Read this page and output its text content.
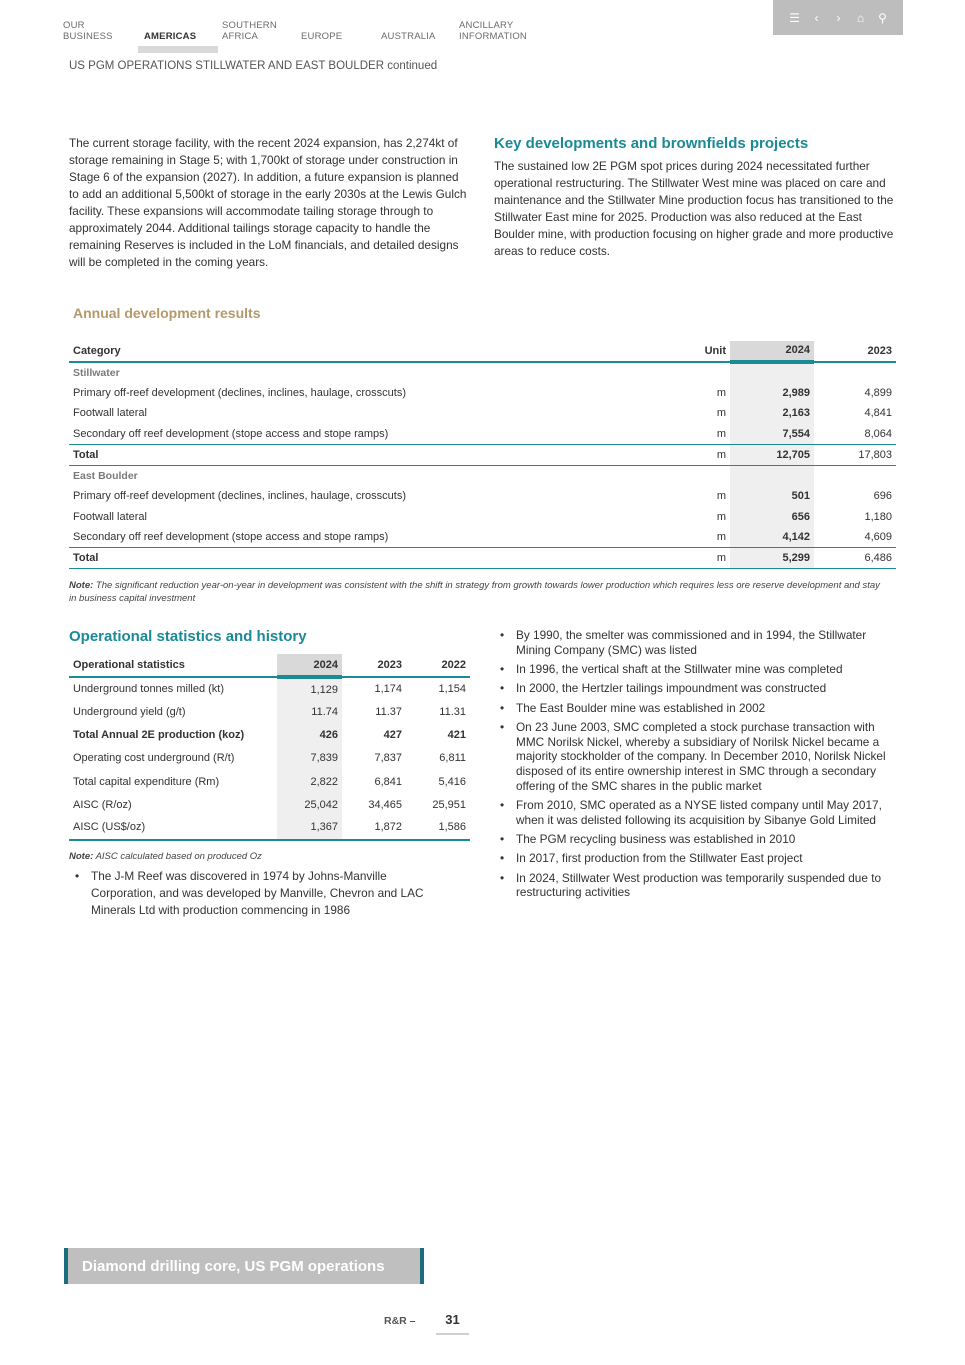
OUR
BUSINESS	AMERICAS
SOUTHERN
AFRICA	EUROPE	AUSTRALIA
ANCILLARY
INFORMATION
☰	‹	›	⌂ ⚲
US PGM OPERATIONS STILLWATER AND EAST BOULDER continued

The current storage facility, with the recent 2024 expansion, has 2,274kt of storage remaining in Stage 5; with 1,700kt of storage under construction in Stage 6 of the expansion (2027). In addition, a future expansion is planned to add an additional 5,500kt of storage in the early 2030s at the Lewis Gulch facility. These expansions will accommodate tailing storage through to approximately 2044. Additional tailings storage capacity to handle the remaining Reserves is included in the LoM financials, and detailed designs will be completed in the coming years.

Key developments and brownfields projects

The sustained low 2E PGM spot prices during 2024 necessitated further operational restructuring. The Stillwater West mine was placed on care and maintenance and the Stillwater Mine production focus has transitioned to the Stillwater East mine for 2025. Production was also reduced at the East Boulder mine, with production focusing on higher grade and more productive areas to reduce costs.

Annual development results
Category	Unit	2024	2023
Stillwater			
Primary off-reef development (declines, inclines, haulage, crosscuts)	m	2,989	4,899
Footwall lateral	m	2,163	4,841
Secondary off reef development (stope access and stope ramps)	m	7,554	8,064
Total	m	12,705	17,803
East Boulder			
Primary off-reef development (declines, inclines, haulage, crosscuts)	m	501	696
Footwall lateral	m	656	1,180
Secondary off reef development (stope access and stope ramps)	m	4,142	4,609
Total	m	5,299	6,486

Note: The significant reduction year-on-year in development was consistent with the shift in strategy from growth towards lower production which requires less ore reserve development and stay in business capital investment

Operational statistics and history
Operational statistics	2024	2023	2022
Underground tonnes milled (kt)	1,129	1,174	1,154
Underground yield (g/t)	11.74	11.37	11.31
Total Annual 2E production (koz)	426	427	421
Operating cost underground (R/t)	7,839	7,837	6,811
Total capital expenditure (Rm)	2,822	6,841	5,416
AISC (R/oz)	25,042	34,465	25,951
AISC (US$/oz)	1,367	1,872	1,586

Note: AISC calculated based on produced Oz

• The J-M Reef was discovered in 1974 by Johns-Manville Corporation, and was developed by Manville, Chevron and LAC Minerals Ltd with production commencing in 1986
• By 1990, the smelter was commissioned and in 1994, the Stillwater Mining Company (SMC) was listed
• In 1996, the vertical shaft at the Stillwater mine was completed
• In 2000, the Hertzler tailings impoundment was constructed
• The East Boulder mine was established in 2002
• On 23 June 2003, SMC completed a stock purchase transaction with MMC Norilsk Nickel, whereby a subsidiary of Norilsk Nickel became a majority stockholder of the company. In December 2010, Norilsk Nickel disposed of its entire ownership interest in SMC through a secondary offering of the SMC shares in the public market
• From 2010, SMC operated as a NYSE listed company until May 2017, when it was delisted following its acquisition by Sibanye Gold Limited
• The PGM recycling business was established in 2010
• In 2017, first production from the Stillwater East project
• In 2024, Stillwater West production was temporarily suspended due to restructuring activities
Diamond drilling core, US PGM operations
R&R –	31
